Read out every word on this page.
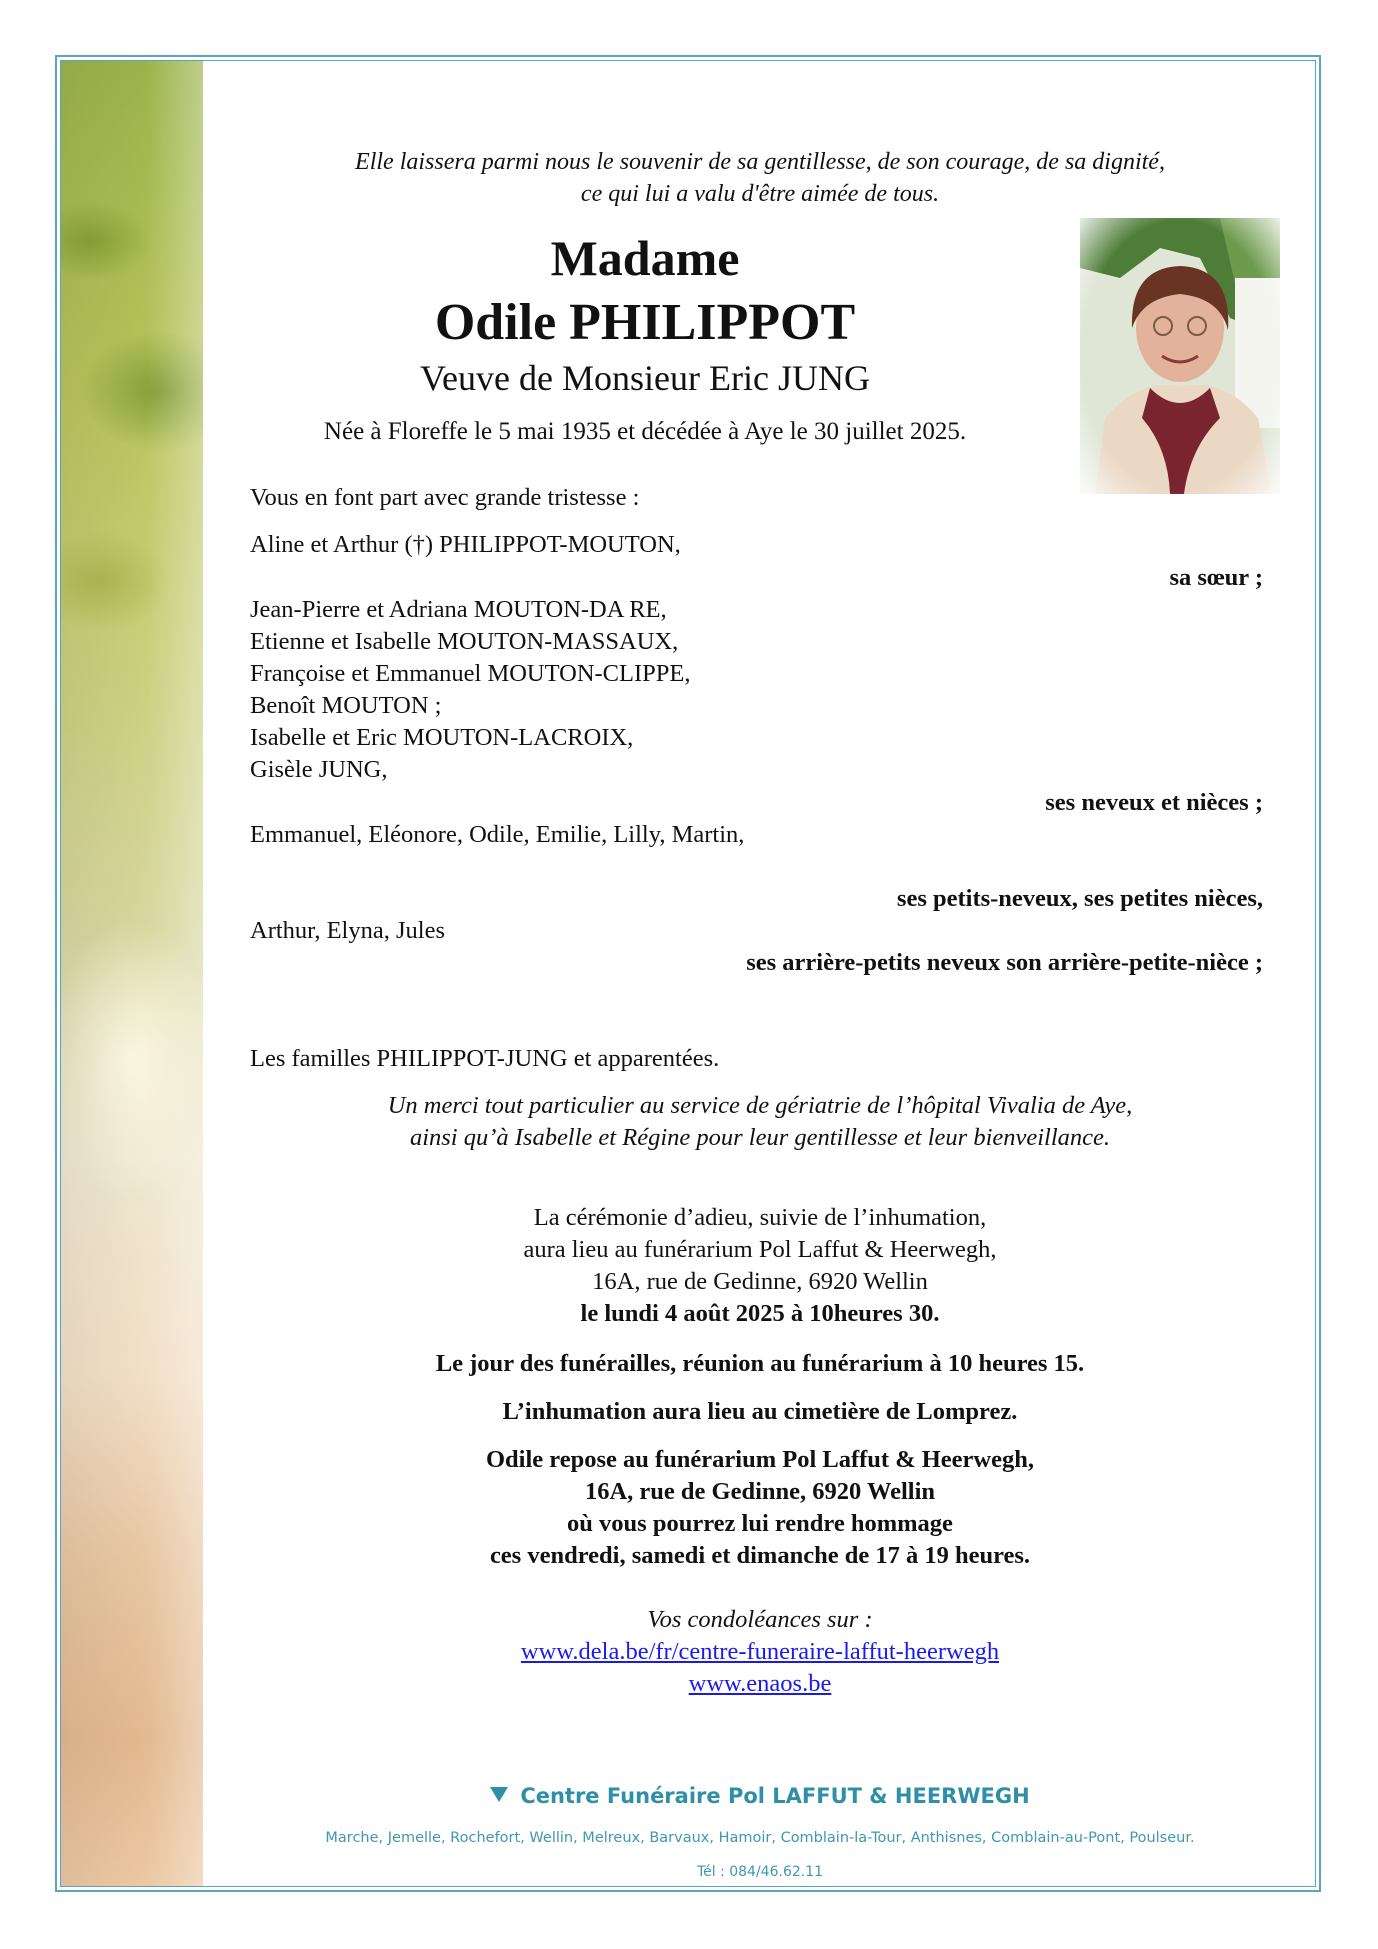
Elle laissera parmi nous le souvenir de sa gentillesse, de son courage, de sa dignité,

ce qui lui a valu d'être aimée de tous.

Madame
Odile PHILIPPOT
Veuve de Monsieur Eric JUNG
Née à Floreffe le 5 mai 1935 et décédée à Aye le 30 juillet 2025.

Vous en font part avec grande tristesse :

Aline et Arthur (†) PHILIPPOT-MOUTON,

sa sœur ;

Jean-Pierre et Adriana MOUTON-DA RE,

Etienne et Isabelle MOUTON-MASSAUX,

Françoise et Emmanuel MOUTON-CLIPPE,

Benoît MOUTON ;

Isabelle et Eric MOUTON-LACROIX,

Gisèle JUNG,

ses neveux et nièces ;

Emmanuel, Eléonore, Odile, Emilie, Lilly, Martin,

ses petits-neveux, ses petites nièces,

Arthur, Elyna, Jules

ses arrière-petits neveux son arrière-petite-nièce ;

Les familles PHILIPPOT-JUNG et apparentées.

Un merci tout particulier au service de gériatrie de l’hôpital Vivalia de Aye,

ainsi qu’à Isabelle et Régine pour leur gentillesse et leur bienveillance.

La cérémonie d’adieu, suivie de l’inhumation,

aura lieu au funérarium Pol Laffut & Heerwegh,

16A, rue de Gedinne, 6920 Wellin

le lundi 4 août 2025 à 10heures 30.

Le jour des funérailles, réunion au funérarium à 10 heures 15.

L’inhumation aura lieu au cimetière de Lomprez.

Odile repose au funérarium Pol Laffut & Heerwegh,

16A, rue de Gedinne, 6920 Wellin

où vous pourrez lui rendre hommage

ces vendredi, samedi et dimanche de 17 à 19 heures.

Vos condoléances sur :

www.dela.be/fr/centre-funeraire-laffut-heerwegh

www.enaos.be

Centre Funéraire Pol LAFFUT & HEERWEGH
Marche, Jemelle, Rochefort, Wellin, Melreux, Barvaux, Hamoir, Comblain-la-Tour, Anthisnes, Comblain-au-Pont, Poulseur.
Tél : 084/46.62.11
